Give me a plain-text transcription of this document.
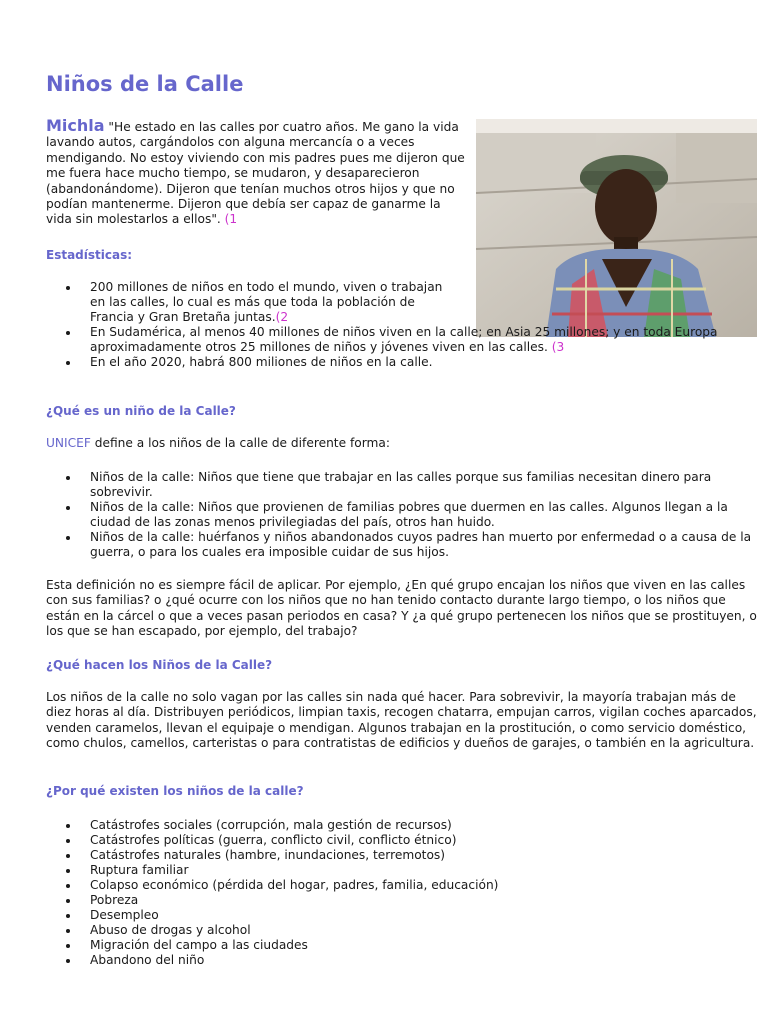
Niños de la Calle
Michla "He estado en las calles por cuatro años. Me gano la vida lavando autos, cargándolos con alguna mercancía o a veces mendigando. No estoy viviendo con mis padres pues me dijeron que me fuera hace mucho tiempo, se mudaron, y desaparecieron (abandonándome). Dijeron que tenían muchos otros hijos y que no podían mantenerme. Dijeron que debía ser capaz de ganarme la vida sin molestarlos a ellos". (1
Estadísticas:
200 millones de niños en todo el mundo, viven o trabajan en las calles, lo cual es más que toda la población de Francia y Gran Bretaña juntas.(2
En Sudamérica, al menos 40 millones de niños viven en la calle; en Asia 25 millones; y en toda Europa aproximadamente otros 25 millones de niños y jóvenes viven en las calles. (3
En el año 2020, habrá 800 miliones de niños en la calle.
¿Qué es un niño de la Calle?

UNICEF define a los niños de la calle de diferente forma:

Niños de la calle: Niños que tiene que trabajar en las calles porque sus familias necesitan dinero para sobrevivir.
Niños de la calle: Niños que provienen de familias pobres que duermen en las calles. Algunos llegan a la ciudad de las zonas menos privilegiadas del país, otros han huido.
Niños de la calle: huérfanos y niños abandonados cuyos padres han muerto por enfermedad o a causa de la guerra, o para los cuales era imposible cuidar de sus hijos.

Esta definición no es siempre fácil de aplicar. Por ejemplo, ¿En qué grupo encajan los niños que viven en las calles con sus familias? o ¿qué ocurre con los niños que no han tenido contacto durante largo tiempo, o los niños que están en la cárcel o que a veces pasan periodos en casa? Y ¿a qué grupo pertenecen los niños que se prostituyen, o los que se han escapado, por ejemplo, del trabajo?

¿Qué hacen los Niños de la Calle?

Los niños de la calle no solo vagan por las calles sin nada qué hacer. Para sobrevivir, la mayoría trabajan más de diez horas al día. Distribuyen periódicos, limpian taxis, recogen chatarra, empujan carros, vigilan coches aparcados, venden caramelos, llevan el equipaje o mendigan. Algunos trabajan en la prostitución, o como servicio doméstico, como chulos, camellos, carteristas o para contratistas de edificios y dueños de garajes, o también en la agricultura.

¿Por qué existen los niños de la calle?
Catástrofes sociales (corrupción, mala gestión de recursos)
Catástrofes políticas (guerra, conflicto civil, conflicto étnico)
Catástrofes naturales (hambre, inundaciones, terremotos)
Ruptura familiar
Colapso económico (pérdida del hogar, padres, familia, educación)
Pobreza
Desempleo
Abuso de drogas y alcohol
Migración del campo a las ciudades
Abandono del niño
